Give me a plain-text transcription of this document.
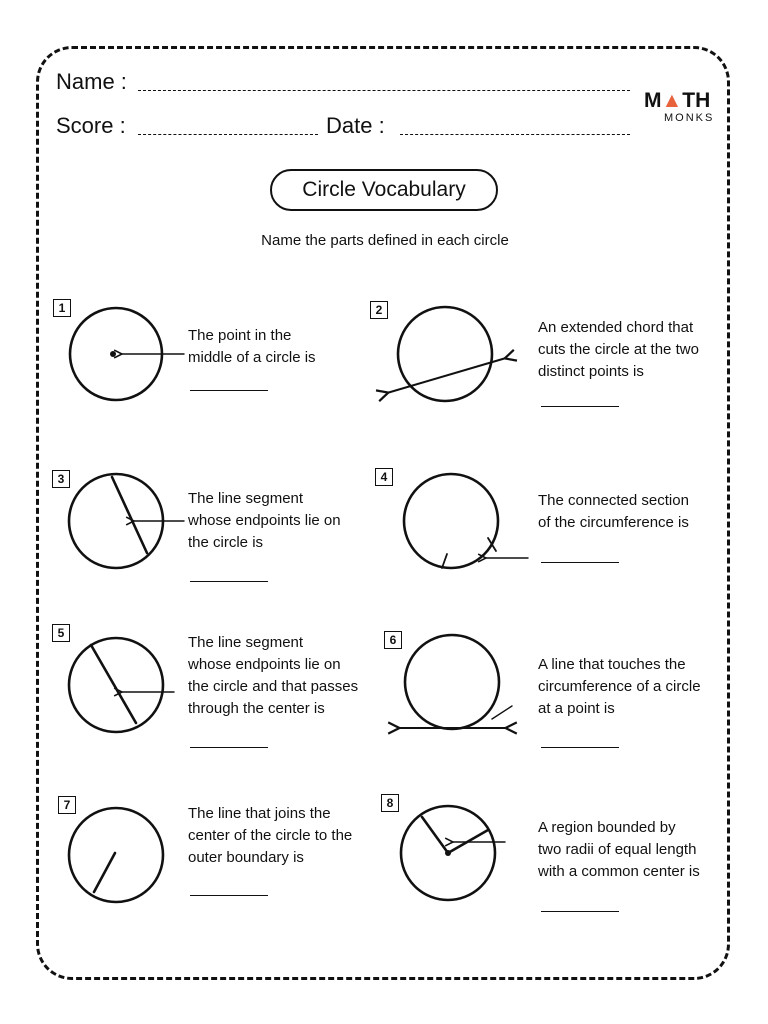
Name :
Score :	Date :
M▲TH
MONKS
Circle Vocabulary
Name the parts defined in each circle
1	2
3	4
5	6
7	8
The point in the
middle of a circle is
An extended chord that
cuts the circle at the two
distinct points is
The line segment
whose endpoints lie on
the circle is
The connected section
of the circumference is
The line segment
whose endpoints lie on
the circle and that passes
through the center is
A line that touches the
circumference of a circle
at a point is
The line that joins the
center of the circle to the
outer boundary is
A region bounded by
two radii of equal length
with a common center is
